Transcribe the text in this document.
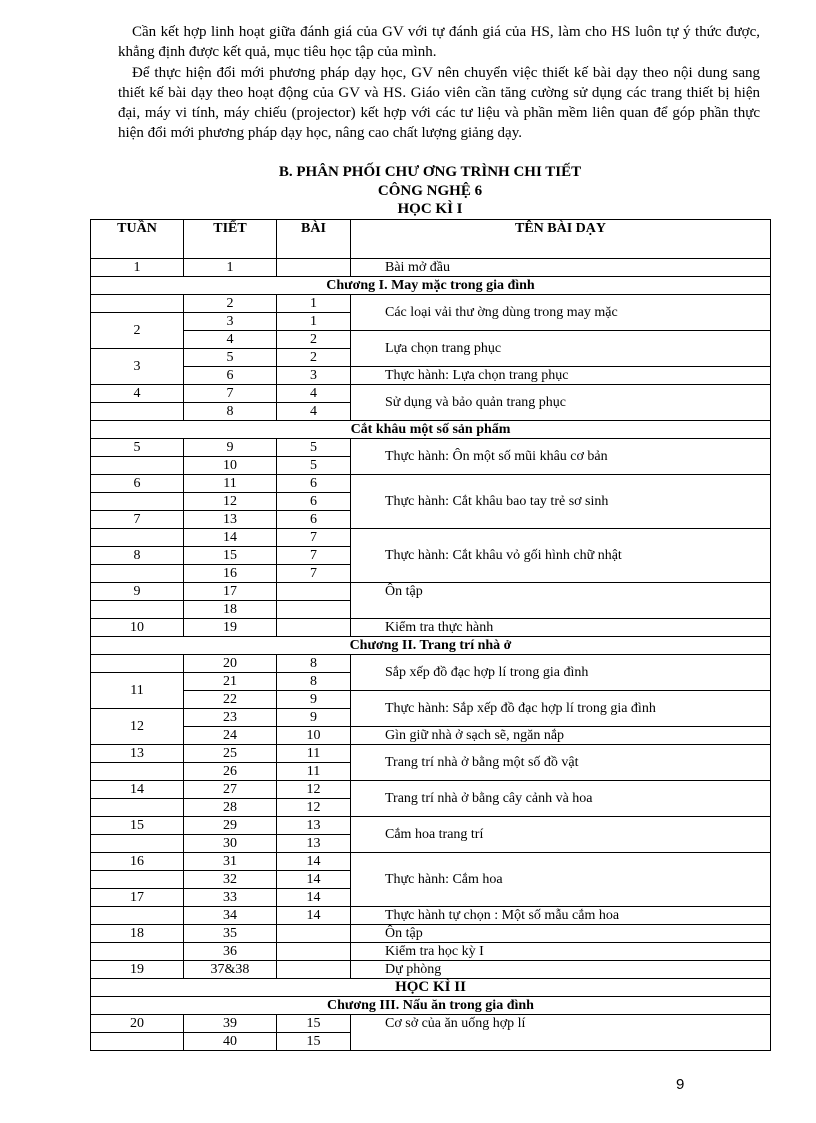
Cần kết hợp linh hoạt giữa đánh giá của GV với tự đánh giá của HS, làm cho HS luôn tự ý thức được, khẳng định được kết quả, mục tiêu học tập của mình.

Để thực hiện đổi mới phương pháp dạy học, GV nên chuyển việc thiết kế bài dạy theo nội dung sang thiết kế bài dạy theo hoạt động của GV và HS. Giáo viên cần tăng cường sử dụng các trang thiết bị hiện đại, máy vi tính, máy chiếu (projector) kết hợp với các tư liệu và phần mềm liên quan để góp phần thực hiện đổi mới phương pháp dạy học, nâng cao chất lượng giảng dạy.

B. PHÂN PHỐI CHƯ ƠNG TRÌNH CHI TIẾT
CÔNG NGHỆ 6
HỌC KÌ I
TUẦN	TIẾT	BÀI	TÊN BÀI DẠY
1	1		Bài mở đầu
Chương I. May mặc trong gia đình			
	2	1	Các loại vải thư ờng dùng trong may mặc
2	3	1	
	4	2	Lựa chọn trang phục
3	5	2	
	6	3	Thực hành: Lựa chọn trang phục
4	7	4	Sử dụng và bảo quản trang phục
	8	4	
Cắt khâu một số sản phẩm			
5	9	5	Thực hành: Ôn một số mũi khâu cơ bản
	10	5	
6	11	6	Thực hành: Cắt khâu bao tay trẻ sơ sinh
	12	6	
7	13	6	
	14	7	Thực hành: Cắt khâu vỏ gối hình chữ nhật
8	15	7	
	16	7	
9	17		Ôn tập
	18		
10	19		Kiểm tra thực hành
Chương II. Trang trí nhà ở			
	20	8	Sắp xếp đồ đạc hợp lí trong gia đình
11	21	8	
	22	9	Thực hành: Sắp xếp đồ đạc hợp lí trong gia đình
12	23	9	
	24	10	Gìn giữ nhà ở sạch sẽ, ngăn nắp
13	25	11	Trang trí nhà ở bằng một số đồ vật
	26	11	
14	27	12	Trang trí nhà ở bằng cây cảnh và hoa
	28	12	
15	29	13	Cắm hoa trang trí
	30	13	
16	31	14	Thực hành: Cắm hoa
	32	14	
17	33	14	
	34	14	Thực hành tự chọn : Một số mẫu cắm hoa
18	35		Ôn tập
	36		Kiểm tra học kỳ I
19	37&38		Dự phòng
HỌC KÌ II			
Chương III. Nấu ăn trong gia đình			
20	39	15	Cơ sở của ăn uống hợp lí
	40	15	
9
